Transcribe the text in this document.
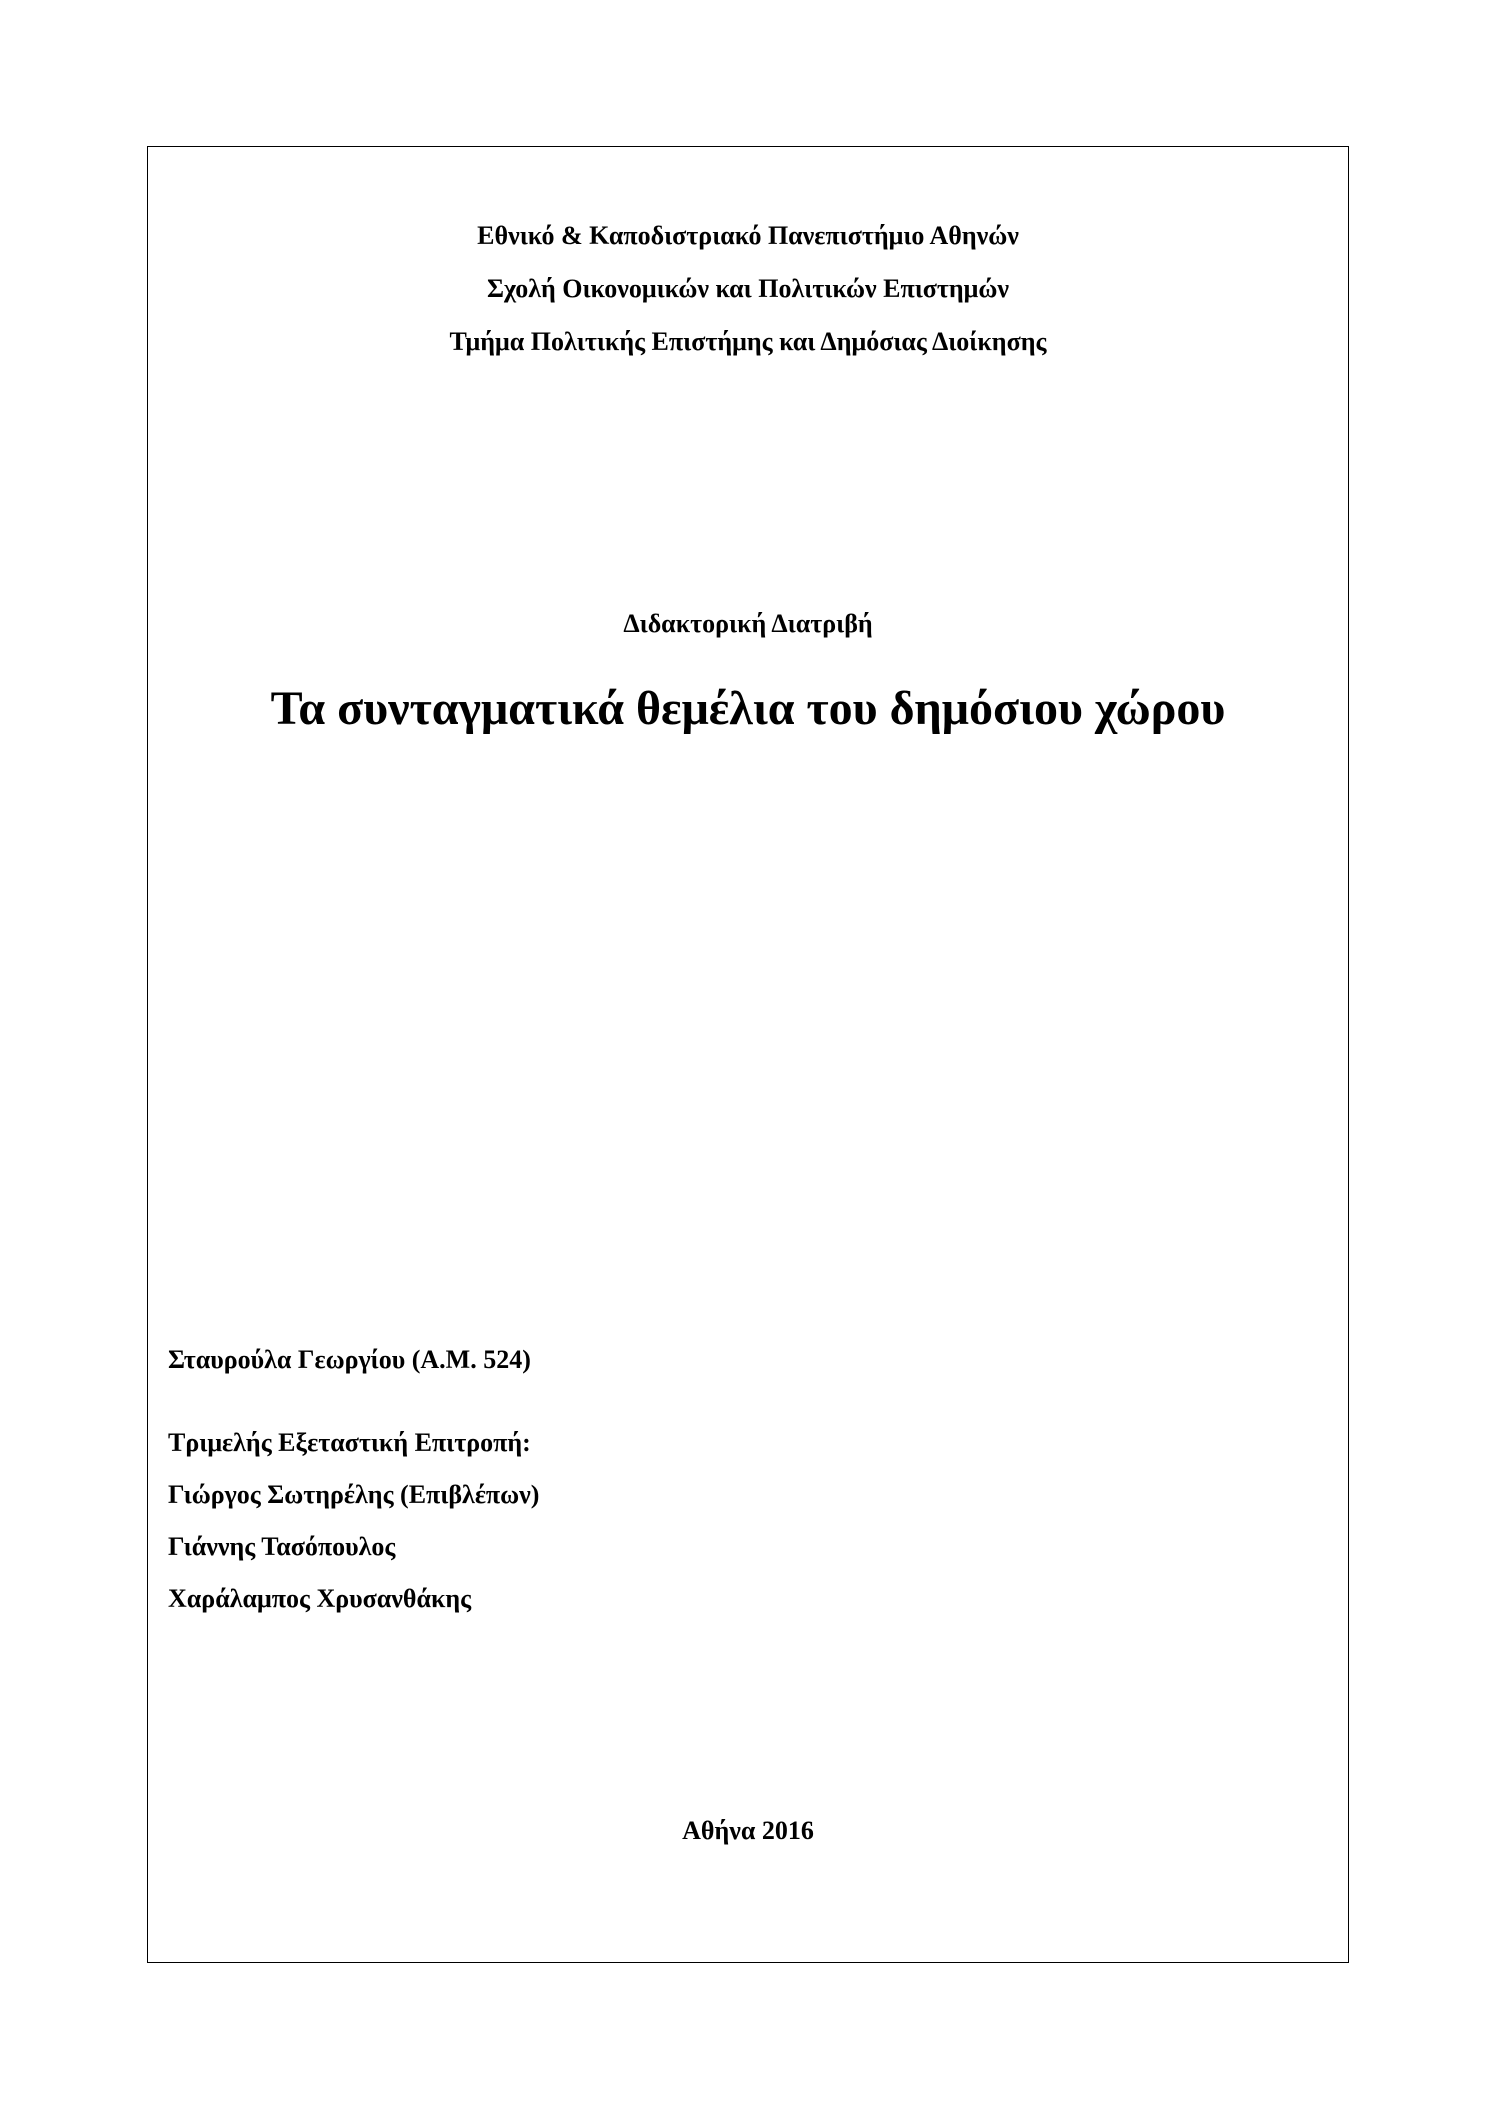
Εθνικό & Καποδιστριακό Πανεπιστήμιο Αθηνών
Σχολή Οικονομικών και Πολιτικών Επιστημών
Τμήμα Πολιτικής Επιστήμης και Δημόσιας Διοίκησης
Διδακτορική Διατριβή
Τα συνταγματικά θεμέλια του δημόσιου χώρου
Σταυρούλα Γεωργίου (Α.Μ. 524)
Τριμελής Εξεταστική Επιτροπή:
Γιώργος Σωτηρέλης (Επιβλέπων)
Γιάννης Τασόπουλος
Χαράλαμπος Χρυσανθάκης
Αθήνα 2016
